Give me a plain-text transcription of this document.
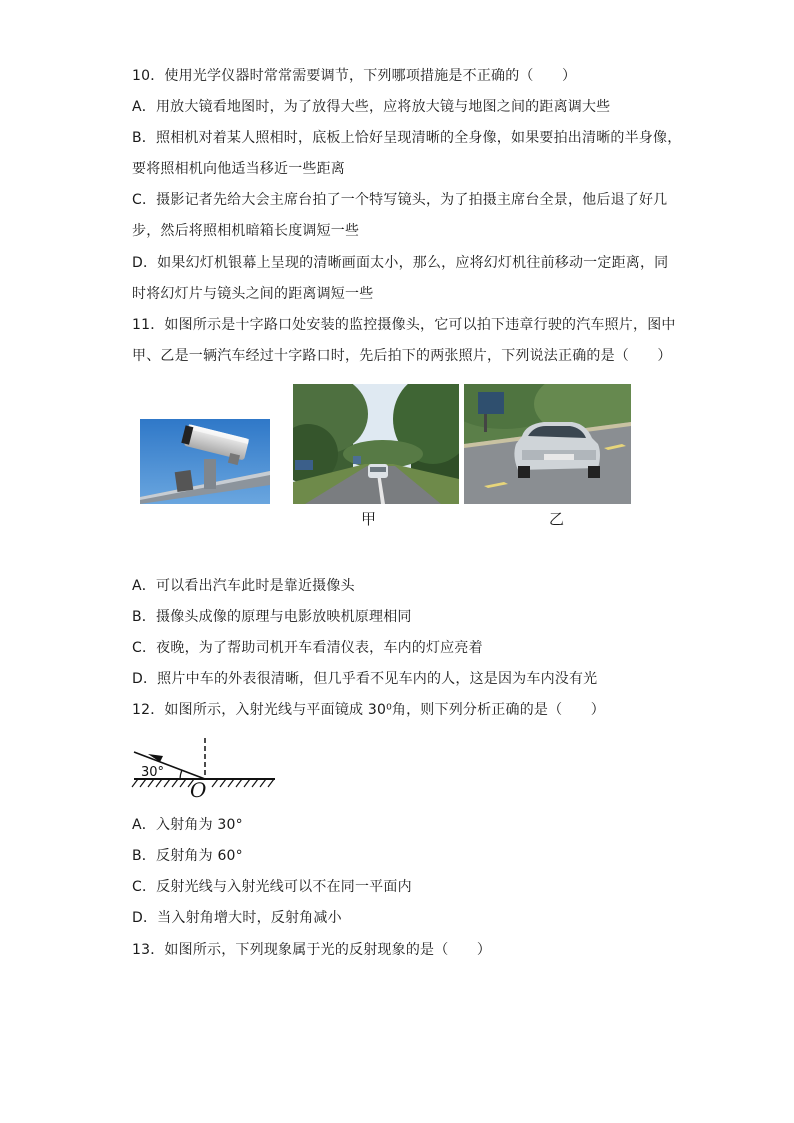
10．使用光学仪器时常常需要调节，下列哪项措施是不正确的（　　）
A．用放大镜看地图时，为了放得大些，应将放大镜与地图之间的距离调大些
B．照相机对着某人照相时，底板上恰好呈现清晰的全身像，如果要拍出清晰的半身像，
要将照相机向他适当移近一些距离
C．摄影记者先给大会主席台拍了一个特写镜头，为了拍摄主席台全景，他后退了好几
步，然后将照相机暗箱长度调短一些
D．如果幻灯机银幕上呈现的清晰画面太小，那么，应将幻灯机往前移动一定距离，同
时将幻灯片与镜头之间的距离调短一些
11．如图所示是十字路口处安装的监控摄像头，它可以拍下违章行驶的汽车照片，图中
甲、乙是一辆汽车经过十字路口时，先后拍下的两张照片，下列说法正确的是（　　）
甲	乙
A．可以看出汽车此时是靠近摄像头
B．摄像头成像的原理与电影放映机原理相同
C．夜晚，为了帮助司机开车看清仪表，车内的灯应亮着
D．照片中车的外表很清晰，但几乎看不见车内的人，这是因为车内没有光
12．如图所示，入射光线与平面镜成 30⁰角，则下列分析正确的是（　　）
30°
O
A．入射角为 30°
B．反射角为 60°
C．反射光线与入射光线可以不在同一平面内
D．当入射角增大时，反射角减小
13．如图所示，下列现象属于光的反射现象的是（　　）
